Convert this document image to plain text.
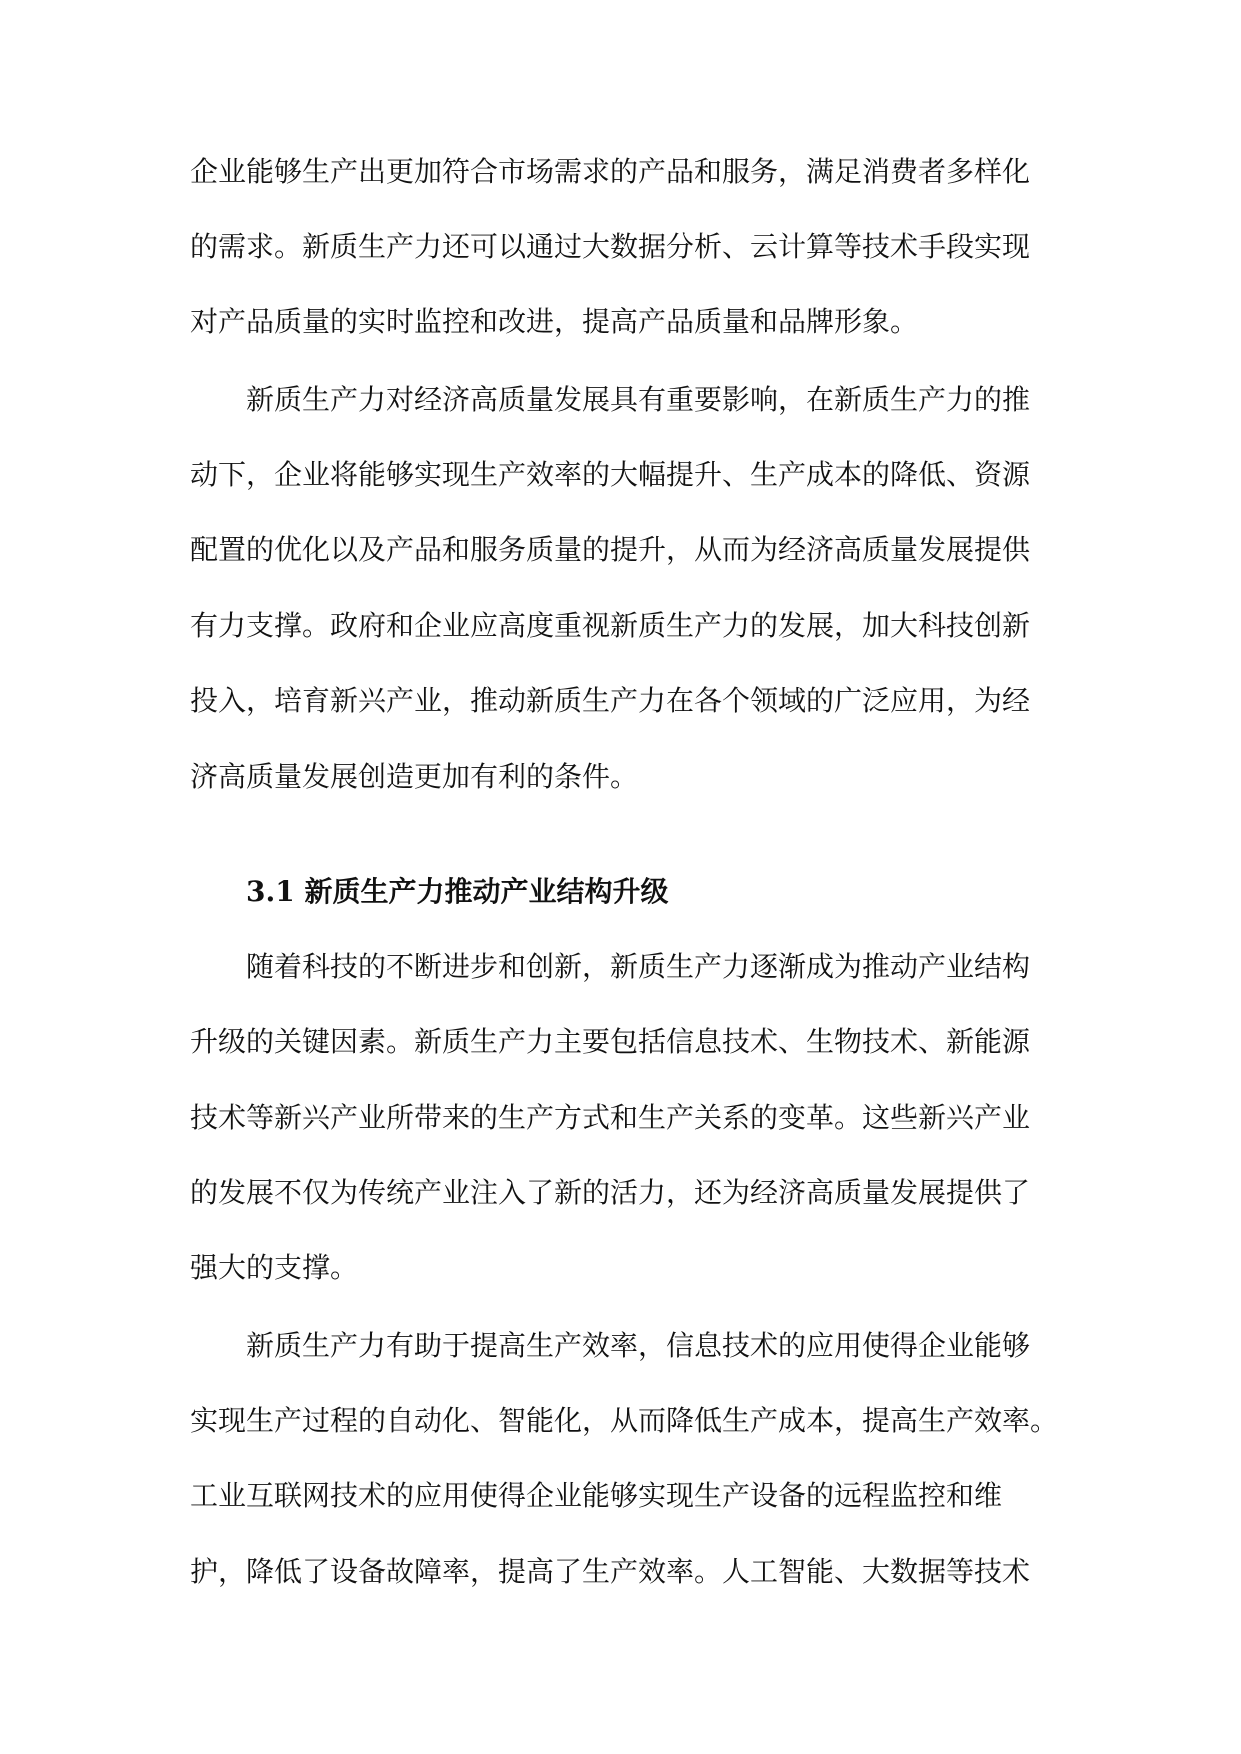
企业能够生产出更加符合市场需求的产品和服务，满足消费者多样化
的需求。新质生产力还可以通过大数据分析、云计算等技术手段实现
对产品质量的实时监控和改进，提高产品质量和品牌形象。
新质生产力对经济高质量发展具有重要影响，在新质生产力的推
动下，企业将能够实现生产效率的大幅提升、生产成本的降低、资源
配置的优化以及产品和服务质量的提升，从而为经济高质量发展提供
有力支撑。政府和企业应高度重视新质生产力的发展，加大科技创新
投入，培育新兴产业，推动新质生产力在各个领域的广泛应用，为经
济高质量发展创造更加有利的条件。
3.1 新质生产力推动产业结构升级
随着科技的不断进步和创新，新质生产力逐渐成为推动产业结构
升级的关键因素。新质生产力主要包括信息技术、生物技术、新能源
技术等新兴产业所带来的生产方式和生产关系的变革。这些新兴产业
的发展不仅为传统产业注入了新的活力，还为经济高质量发展提供了
强大的支撑。
新质生产力有助于提高生产效率，信息技术的应用使得企业能够
实现生产过程的自动化、智能化，从而降低生产成本，提高生产效率。
工业互联网技术的应用使得企业能够实现生产设备的远程监控和维
护，降低了设备故障率，提高了生产效率。人工智能、大数据等技术
